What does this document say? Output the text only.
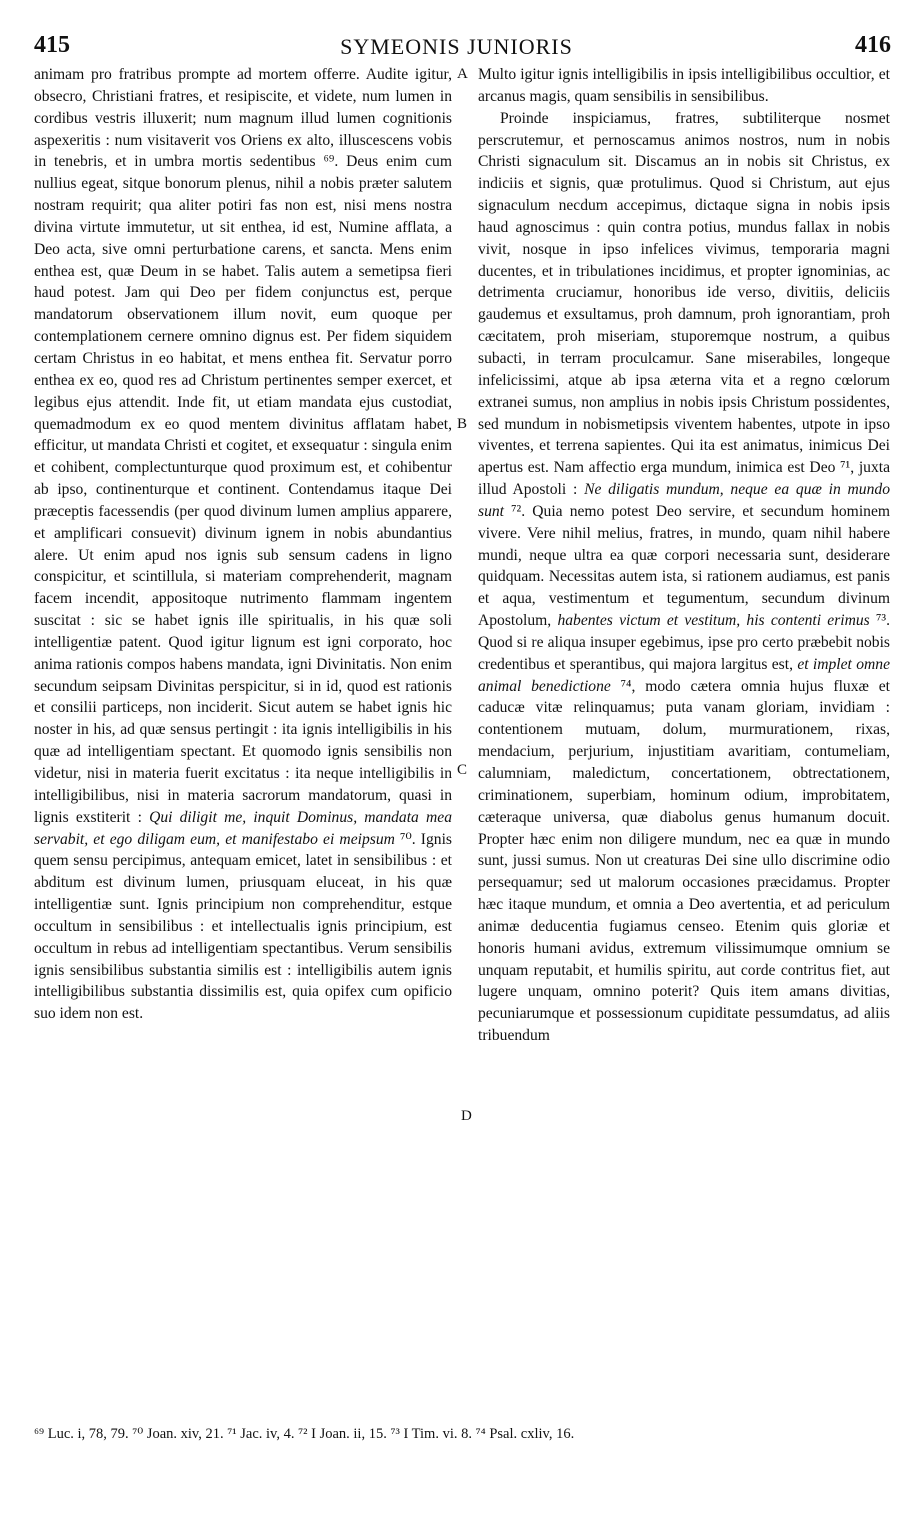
415	SYMEONIS JUNIORIS	416
A
B
C
D

animam pro fratribus prompte ad mortem offerre. Audite igitur, obsecro, Christiani fratres, et resipiscite, et videte, num lumen in cordibus vestris illuxerit; num magnum illud lumen cognitionis aspexeritis : num visitaverit vos Oriens ex alto, illuscescens vobis in tenebris, et in umbra mortis sedentibus ⁶⁹. Deus enim cum nullius egeat, sitque bonorum plenus, nihil a nobis præter salutem nostram requirit; qua aliter potiri fas non est, nisi mens nostra divina virtute immutetur, ut sit enthea, id est, Numine afflata, a Deo acta, sive omni perturbatione carens, et sancta. Mens enim enthea est, quæ Deum in se habet. Talis autem a semetipsa fieri haud potest. Jam qui Deo per fidem conjunctus est, perque mandatorum observationem illum novit, eum quoque per contemplationem cernere omnino dignus est. Per fidem siquidem certam Christus in eo habitat, et mens enthea fit. Servatur porro enthea ex eo, quod res ad Christum pertinentes semper exercet, et legibus ejus attendit. Inde fit, ut etiam mandata ejus custodiat, quemadmodum ex eo quod mentem divinitus afflatam habet, efficitur, ut mandata Christi et cogitet, et exsequatur : singula enim et cohibent, complectunturque quod proximum est, et cohibentur ab ipso, continenturque et continent. Contendamus itaque Dei præceptis facessendis (per quod divinum lumen amplius apparere, et amplificari consuevit) divinum ignem in nobis abundantius alere. Ut enim apud nos ignis sub sensum cadens in ligno conspicitur, et scintillula, si materiam comprehenderit, magnam facem incendit, appositoque nutrimento flammam ingentem suscitat : sic se habet ignis ille spiritualis, in his quæ soli intelligentiæ patent. Quod igitur lignum est igni corporato, hoc anima rationis compos habens mandata, igni Divinitatis. Non enim secundum seipsam Divinitas perspicitur, si in id, quod est rationis et consilii particeps, non inciderit. Sicut autem se habet ignis hic noster in his, ad quæ sensus pertingit : ita ignis intelligibilis in his quæ ad intelligentiam spectant. Et quomodo ignis sensibilis non videtur, nisi in materia fuerit excitatus : ita neque intelligibilis in intelligibilibus, nisi in materia sacrorum mandatorum, quasi in lignis exstiterit : Qui diligit me, inquit Dominus, mandata mea servabit, et ego diligam eum, et manifestabo ei meipsum ⁷⁰. Ignis quem sensu percipimus, antequam emicet, latet in sensibilibus : et abditum est divinum lumen, priusquam eluceat, in his quæ intelligentiæ sunt. Ignis principium non comprehenditur, estque occultum in sensibilibus : et intellectualis ignis principium, est occultum in rebus ad intelligentiam spectantibus. Verum sensibilis ignis sensibilibus substantia similis est : intelligibilis autem ignis intelligibilibus substantia dissimilis est, quia opifex cum opificio suo idem non est.

Multo igitur ignis intelligibilis in ipsis intelligibilibus occultior, et arcanus magis, quam sensibilis in sensibilibus.

Proinde inspiciamus, fratres, subtiliterque nosmet perscrutemur, et pernoscamus animos nostros, num in nobis Christi signaculum sit. Discamus an in nobis sit Christus, ex indiciis et signis, quæ protulimus. Quod si Christum, aut ejus signaculum necdum accepimus, dictaque signa in nobis ipsis haud agnoscimus : quin contra potius, mundus fallax in nobis vivit, nosque in ipso infelices vivimus, temporaria magni ducentes, et in tribulationes incidimus, et propter ignominias, ac detrimenta cruciamur, honoribus ide verso, divitiis, deliciis gaudemus et exsultamus, proh damnum, proh ignorantiam, proh cæcitatem, proh miseriam, stuporemque nostrum, a quibus subacti, in terram proculcamur. Sane miserabiles, longeque infelicissimi, atque ab ipsa æterna vita et a regno cœlorum extranei sumus, non amplius in nobis ipsis Christum possidentes, sed mundum in nobismetipsis viventem habentes, utpote in ipso viventes, et terrena sapientes. Qui ita est animatus, inimicus Dei apertus est. Nam affectio erga mundum, inimica est Deo ⁷¹, juxta illud Apostoli : Ne diligatis mundum, neque ea quæ in mundo sunt ⁷². Quia nemo potest Deo servire, et secundum hominem vivere. Vere nihil melius, fratres, in mundo, quam nihil habere mundi, neque ultra ea quæ corpori necessaria sunt, desiderare quidquam. Necessitas autem ista, si rationem audiamus, est panis et aqua, vestimentum et tegumentum, secundum divinum Apostolum, habentes victum et vestitum, his contenti erimus ⁷³. Quod si re aliqua insuper egebimus, ipse pro certo præbebit nobis credentibus et sperantibus, qui majora largitus est, et implet omne animal benedictione ⁷⁴, modo cætera omnia hujus fluxæ et caducæ vitæ relinquamus; puta vanam gloriam, invidiam : contentionem mutuam, dolum, murmurationem, rixas, mendacium, perjurium, injustitiam avaritiam, contumeliam, calumniam, maledictum, concertationem, obtrectationem, criminationem, superbiam, hominum odium, improbitatem, cæteraque universa, quæ diabolus genus humanum docuit. Propter hæc enim non diligere mundum, nec ea quæ in mundo sunt, jussi sumus. Non ut creaturas Dei sine ullo discrimine odio persequamur; sed ut malorum occasiones præcidamus. Propter hæc itaque mundum, et omnia a Deo avertentia, et ad periculum animæ deducentia fugiamus censeo. Etenim quis gloriæ et honoris humani avidus, extremum vilissimumque omnium se unquam reputabit, et humilis spiritu, aut corde contritus fiet, aut lugere unquam, omnino poterit? Quis item amans divitias, pecuniarumque et possessionum cupiditate pessumdatus, ad aliis tribuendum

⁶⁹ Luc. i, 78, 79. ⁷⁰ Joan. xiv, 21. ⁷¹ Jac. iv, 4. ⁷² I Joan. ii, 15. ⁷³ I Tim. vi. 8. ⁷⁴ Psal. cxliv, 16.
